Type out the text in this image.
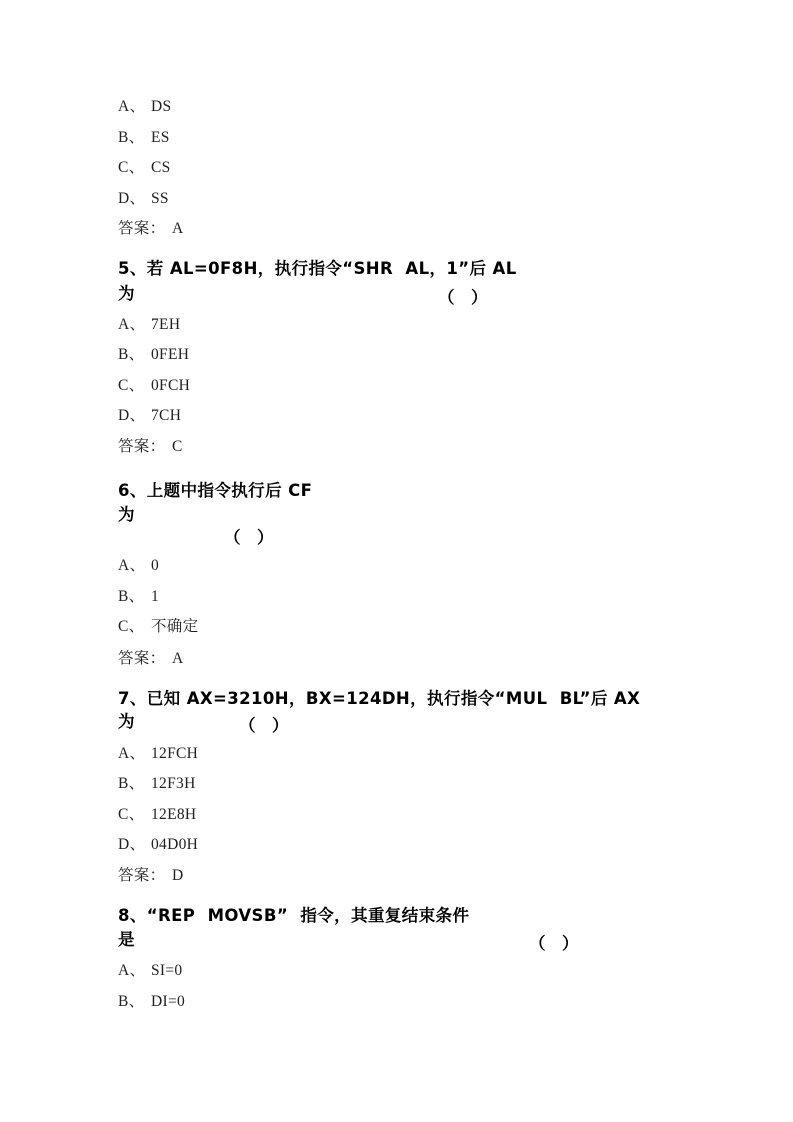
A、 DS
B、 ES
C、 CS
D、 SS
答案： A
5、若 AL=0F8H，执行指令“SHR  AL，1”后 AL
为	（　）
A、 7EH
B、 0FEH
C、 0FCH
D、 7CH
答案： C
6、上题中指令执行后 CF
为
（　）
A、 0
B、 1
C、 不确定
答案： A
7、已知 AX=3210H，BX=124DH，执行指令“MUL  BL”后 AX
为	（　）
A、 12FCH
B、 12F3H
C、 12E8H
D、 04D0H
答案： D
8、“REP  MOVSB”  指令，其重复结束条件
是	（　）
A、 SI=0
B、 DI=0
